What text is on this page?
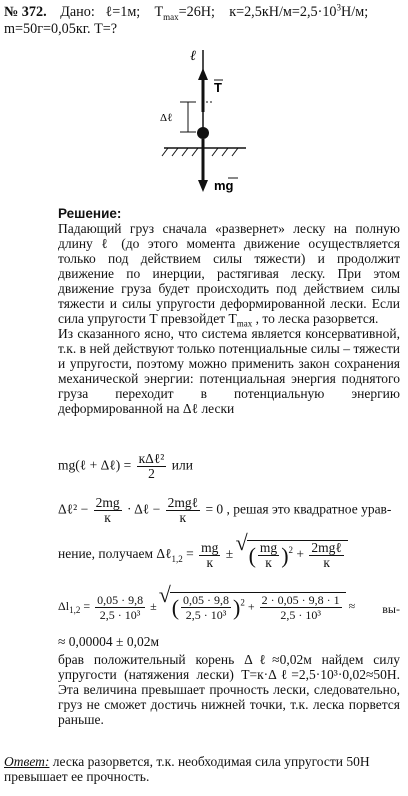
№ 372. Дано: ℓ=1м; $T_{max}=26Н$; $к=2,5кН/м=2,5\cdot 10^3Н/м$;
m=50г=0,05кг. T=?
ℓ
T
Δℓ
mg

Решение:

Падающий груз сначала «развернет» леску на полную длину ℓ (до этого момента движение осуществляется только под действием силы тяжести) и продолжит движение по инерции, растягивая леску. При этом движение груза будет происходить под действием силы тяжести и силы упругости деформированной лески. Если сила упругости T превзойдет $T_{max}$ , то леска разорвется.

Из сказанного ясно, что система является консервативной, т.к. в ней действуют только потенциальные силы – тяжести и упругости, поэтому можно применить закон сохранения механической энергии: потенциальная энергия поднятого груза переходит в потенциальную энергию деформированной на Δℓ лески

mg(ℓ + Δℓ) = $\frac{\text{кΔℓ²}}{2}$ или
Δℓ² − $\frac{2mg}{к}$ · Δℓ − $\frac{\text{2mgℓ}}{к} = 0$ , решая это квадратное урав-
нение, получаем Δℓ$_{1,2}$ = $\frac{mg}{к}$ ± √ ( $\frac{mg}{к} )^2 + \frac{\text{2mgℓ}}{к}$
$\Delta l_{1,2} = \frac{0,05 \cdot 9,8}{\text{2,5 · 10³}}$ ± √ ( $\frac{0,05 \cdot 9,8}{\text{2,5 · 10³}} )^2 + \frac{2 \cdot 0,05 \cdot 9,8 \cdot 1}{\text{2,5 · 10³}} \approx вы-$
≈ 0,00004 ± 0,02м
брав положительный корень Δℓ≈0,02м найдем силу упругости (натяжения лески) T=к·Δℓ=2,5·10³·0,02≈50Н. Эта величина превышает прочность лески, следовательно, груз не сможет достичь нижней точки, т.к. леска порвется раньше.
Ответ: леска разорвется, т.к. необходимая сила упругости 50Н превышает ее прочность.
